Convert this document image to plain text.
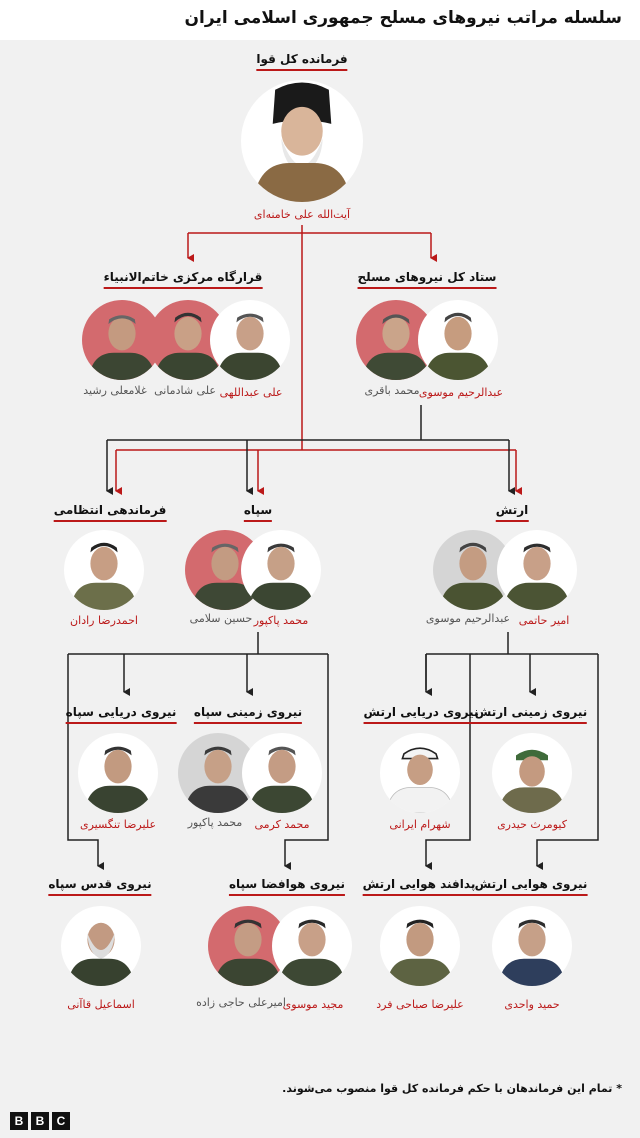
سلسله مراتب نیروهای مسلح جمهوری اسلامی ایران
فرمانده کل قوا
آیت‌الله علی خامنه‌ای
ستاد کل نیروهای مسلح
عبدالرحیم موسوی
محمد باقری
قرارگاه مرکزی خاتم‌الانبیاء
علی عبداللهی
علی شادمانی
غلامعلی رشید
فرماندهی انتظامی
احمدرضا رادان
سپاه
محمد پاکپور
حسین سلامی
ارتش
امیر حاتمی
عبدالرحیم موسوی
نیروی دریایی سپاه
علیرضا تنگسیری
نیروی زمینی سپاه
محمد کرمی
محمد پاکپور
نیروی دریایی ارتش
شهرام ایرانی
نیروی زمینی ارتش
کیومرث حیدری
نیروی قدس سپاه
اسماعیل قاآنی
نیروی هوافضا سپاه
مجید موسوی
امیرعلی حاجی زاده
پدافند هوایی ارتش
علیرضا صباحی فرد
نیروی هوایی ارتش
حمید واحدی
* تمام این فرماندهان با حکم فرمانده کل قوا منصوب می‌شوند.
B	B	C
